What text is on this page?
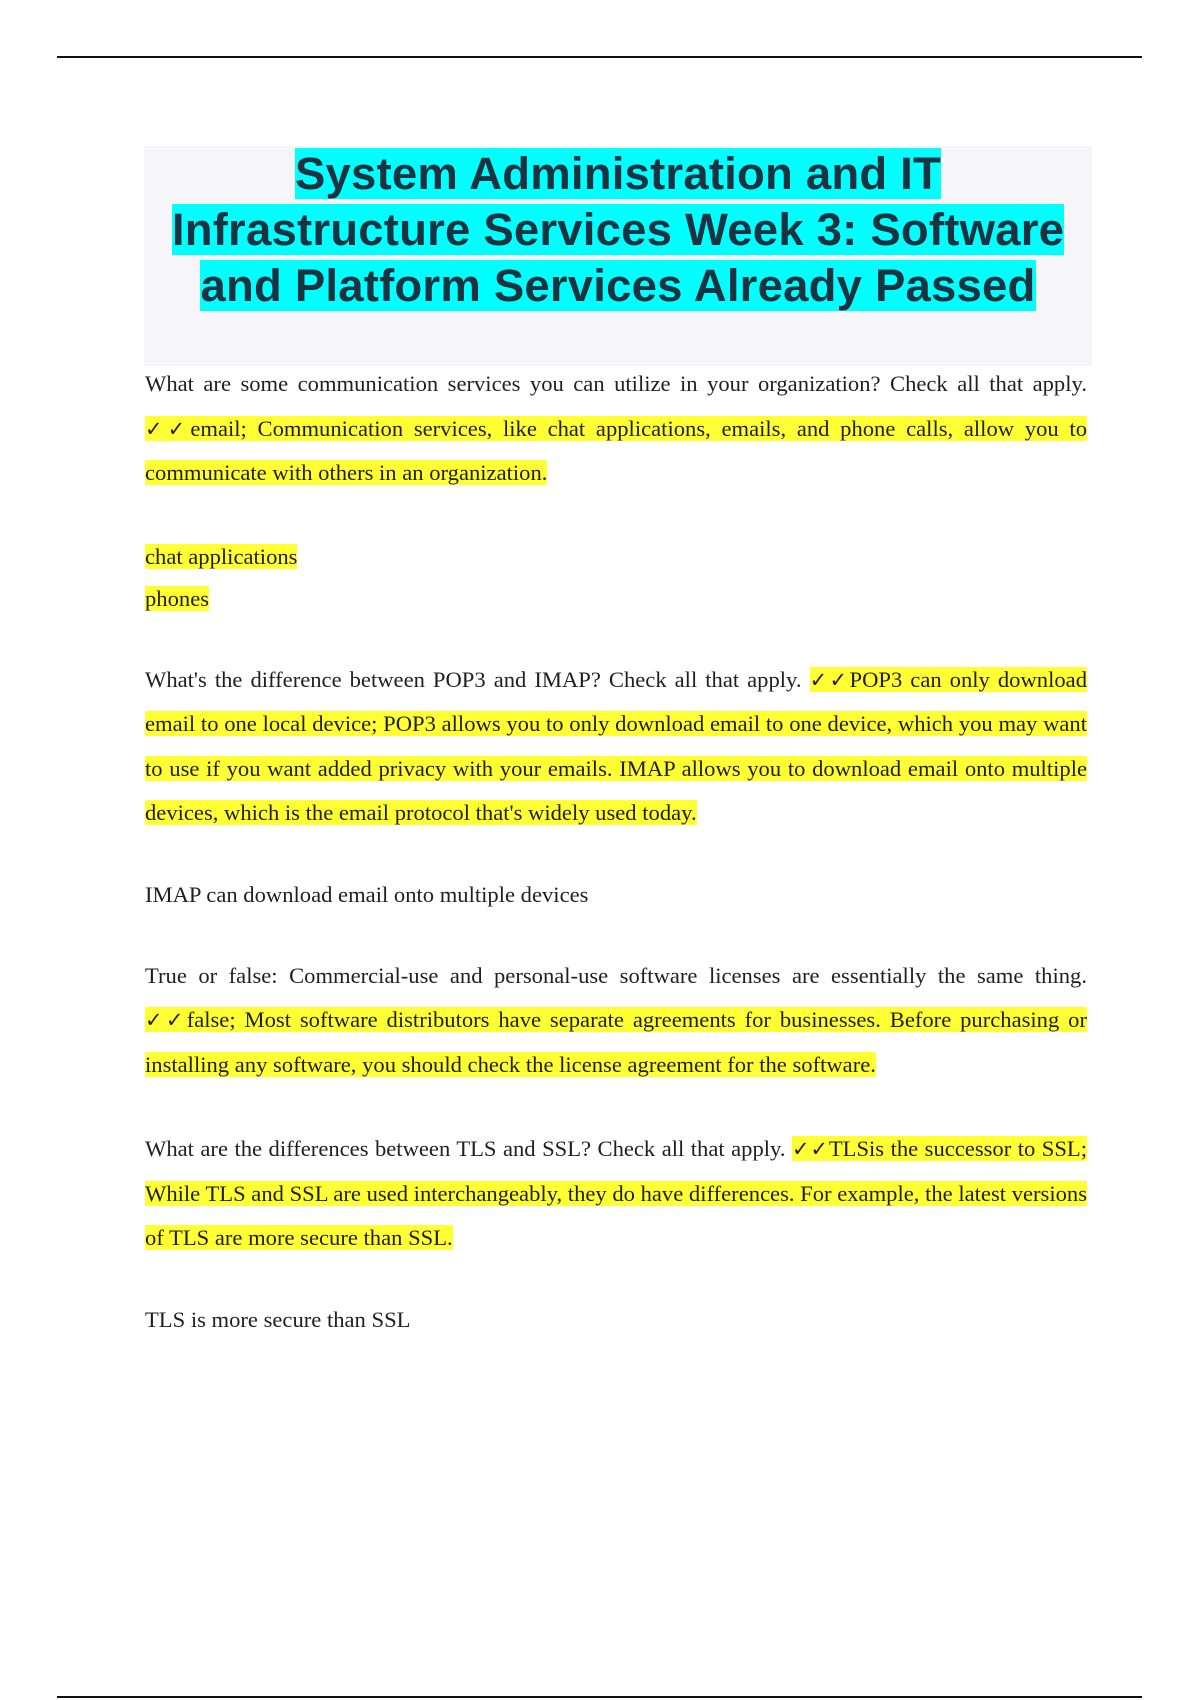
System Administration and IT Infrastructure Services Week 3: Software and Platform Services Already Passed

What are some communication services you can utilize in your organization? Check all that apply. ✓✓email; Communication services, like chat applications, emails, and phone calls, allow you to communicate with others in an organization.

chat applications

phones

What's the difference between POP3 and IMAP? Check all that apply. ✓✓POP3 can only download email to one local device; POP3 allows you to only download email to one device, which you may want to use if you want added privacy with your emails. IMAP allows you to download email onto multiple devices, which is the email protocol that's widely used today.

IMAP can download email onto multiple devices

True or false: Commercial-use and personal-use software licenses are essentially the same thing. ✓✓false; Most software distributors have separate agreements for businesses. Before purchasing or installing any software, you should check the license agreement for the software.

What are the differences between TLS and SSL? Check all that apply. ✓✓TLSis the successor to SSL; While TLS and SSL are used interchangeably, they do have differences. For example, the latest versions of TLS are more secure than SSL.

TLS is more secure than SSL
